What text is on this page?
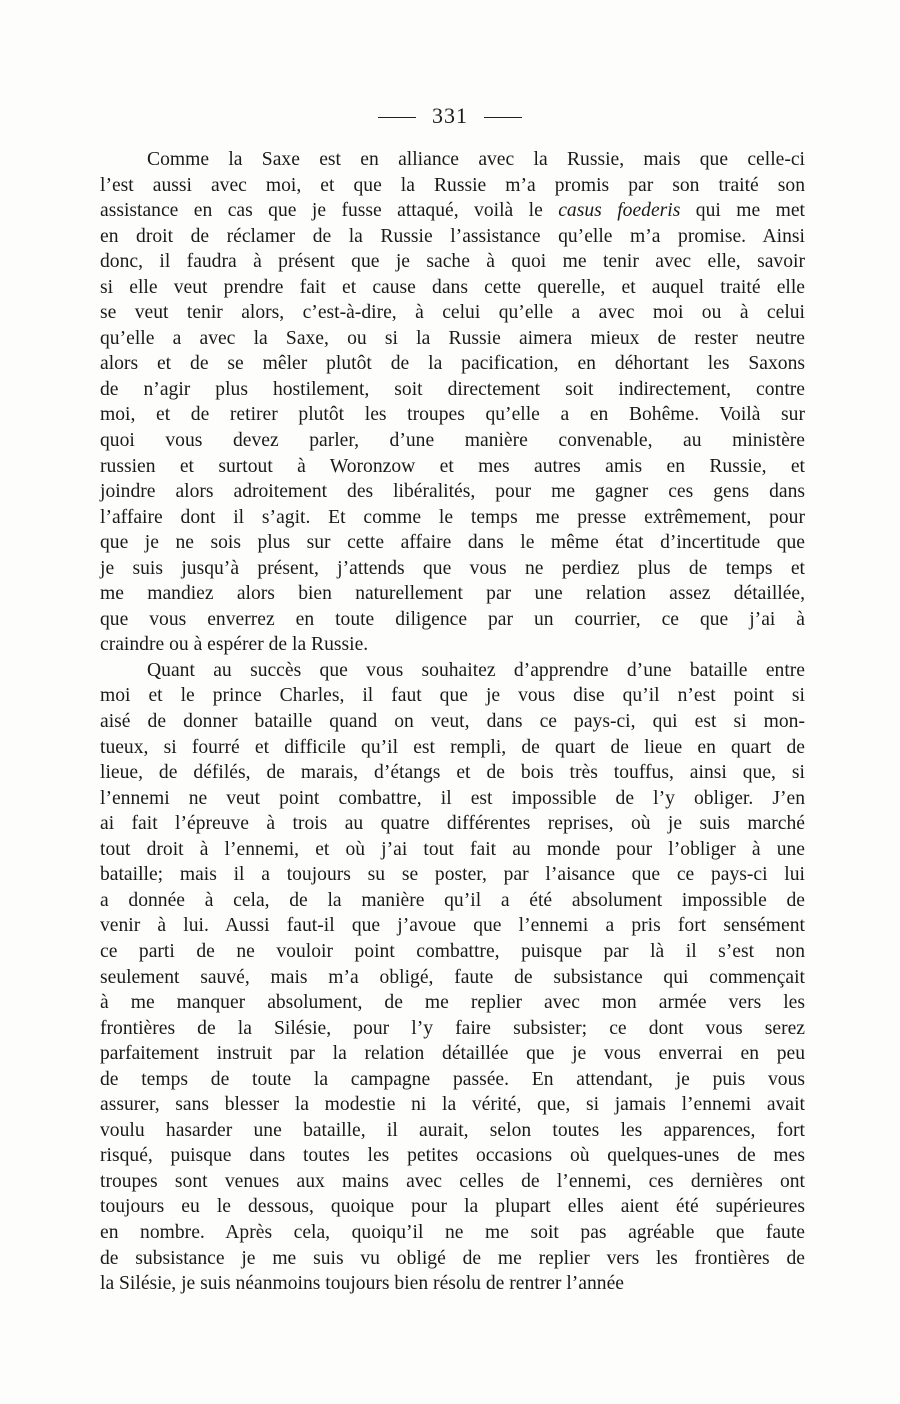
331
Comme la Saxe est en alliance avec la Russie, mais que celle-ci
l’est aussi avec moi, et que la Russie m’a promis par son traité son
assistance en cas que je fusse attaqué, voilà le casus foederis qui me met
en droit de réclamer de la Russie l’assistance qu’elle m’a promise. Ainsi
donc, il faudra à présent que je sache à quoi me tenir avec elle, savoir
si elle veut prendre fait et cause dans cette querelle, et auquel traité elle
se veut tenir alors, c’est-à-dire, à celui qu’elle a avec moi ou à celui
qu’elle a avec la Saxe, ou si la Russie aimera mieux de rester neutre
alors et de se mêler plutôt de la pacification, en déhortant les Saxons
de n’agir plus hostilement, soit directement soit indirectement, contre
moi, et de retirer plutôt les troupes qu’elle a en Bohême. Voilà sur
quoi vous devez parler, d’une manière convenable, au ministère
russien et surtout à Woronzow et mes autres amis en Russie, et
joindre alors adroitement des libéralités, pour me gagner ces gens dans
l’affaire dont il s’agit. Et comme le temps me presse extrêmement, pour
que je ne sois plus sur cette affaire dans le même état d’incertitude que
je suis jusqu’à présent, j’attends que vous ne perdiez plus de temps et
me mandiez alors bien naturellement par une relation assez détaillée,
que vous enverrez en toute diligence par un courrier, ce que j’ai à
craindre ou à espérer de la Russie.
Quant au succès que vous souhaitez d’apprendre d’une bataille entre
moi et le prince Charles, il faut que je vous dise qu’il n’est point si
aisé de donner bataille quand on veut, dans ce pays-ci, qui est si mon-
tueux, si fourré et difficile qu’il est rempli, de quart de lieue en quart de
lieue, de défilés, de marais, d’étangs et de bois très touffus, ainsi que, si
l’ennemi ne veut point combattre, il est impossible de l’y obliger. J’en
ai fait l’épreuve à trois au quatre différentes reprises, où je suis marché
tout droit à l’ennemi, et où j’ai tout fait au monde pour l’obliger à une
bataille; mais il a toujours su se poster, par l’aisance que ce pays-ci lui
a donnée à cela, de la manière qu’il a été absolument impossible de
venir à lui. Aussi faut-il que j’avoue que l’ennemi a pris fort sensément
ce parti de ne vouloir point combattre, puisque par là il s’est non
seulement sauvé, mais m’a obligé, faute de subsistance qui commençait
à me manquer absolument, de me replier avec mon armée vers les
frontières de la Silésie, pour l’y faire subsister; ce dont vous serez
parfaitement instruit par la relation détaillée que je vous enverrai en peu
de temps de toute la campagne passée. En attendant, je puis vous
assurer, sans blesser la modestie ni la vérité, que, si jamais l’ennemi avait
voulu hasarder une bataille, il aurait, selon toutes les apparences, fort
risqué, puisque dans toutes les petites occasions où quelques-unes de mes
troupes sont venues aux mains avec celles de l’ennemi, ces dernières ont
toujours eu le dessous, quoique pour la plupart elles aient été supérieures
en nombre. Après cela, quoiqu’il ne me soit pas agréable que faute
de subsistance je me suis vu obligé de me replier vers les frontières de
la Silésie, je suis néanmoins toujours bien résolu de rentrer l’année
